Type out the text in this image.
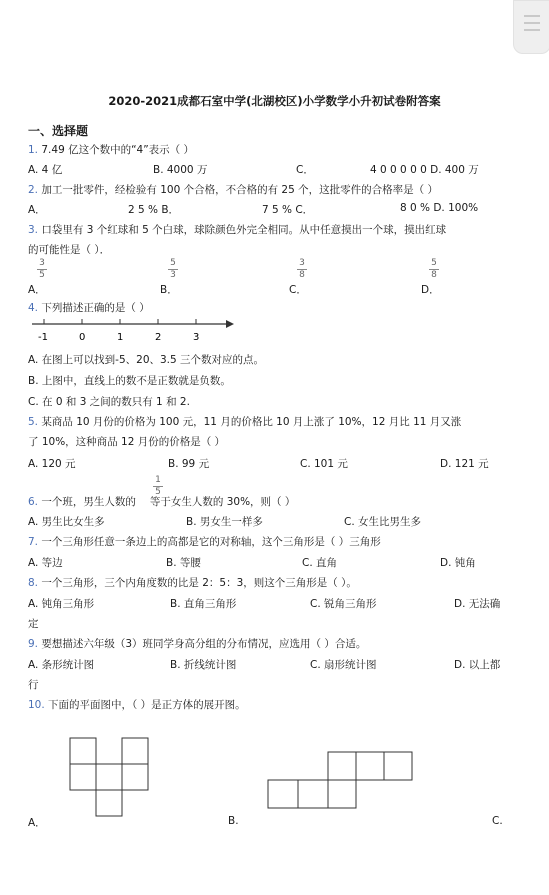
2020-2021成都石室中学(北湖校区)小学数学小升初试卷附答案
一、选择题
1. 7.49 亿这个数中的“4”表示（ ）
A. 4 亿	B. 4000 万	C．	4 0 0 0 0 0 D. 400 万
2. 加工一批零件，经检验有 100 个合格，不合格的有 25 个，这批零件的合格率是（ ）
A．	2 5 % B．	7 5 % C．	8 0 % D. 100%
3. 口袋里有 3 个红球和 5 个白球，球除颜色外完全相同。从中任意摸出一个球，摸出红球
的可能性是（ ）．
A．
3
5
B．
5
3
C．
3
8
D．
5
8
4. 下列描述正确的是（ ）
-1	0	1	2	3
A. 在图上可以找到-5、20、3.5 三个数对应的点。
B. 上图中，直线上的数不是正数就是负数。
C. 在 0 和 3 之间的数只有 1 和 2.
5. 某商品 10 月份的价格为 100 元，11 月的价格比 10 月上涨了 10%，12 月比 11 月又涨
了 10%，这种商品 12 月份的价格是（ ）
A. 120 元	B. 99 元	C. 101 元	D. 121 元
6. 一个班，男生人数的 等于女生人数的 30%，则（ ）
1
5
A. 男生比女生多	B. 男女生一样多	C. 女生比男生多
7. 一个三角形任意一条边上的高都是它的对称轴，这个三角形是（ ）三角形
A. 等边	B. 等腰	C. 直角	D. 钝角
8. 一个三角形，三个内角度数的比是 2：5：3，则这个三角形是（ ）。
A. 钝角三角形	B. 直角三角形	C. 锐角三角形	D. 无法确
定
9. 要想描述六年级（3）班同学身高分组的分布情况，应选用（ ）合适。
A. 条形统计图	B. 折线统计图	C. 扇形统计图	D. 以上都
行
10. 下面的平面图中，（ ）是正方体的展开图。
A．	B.	C.
